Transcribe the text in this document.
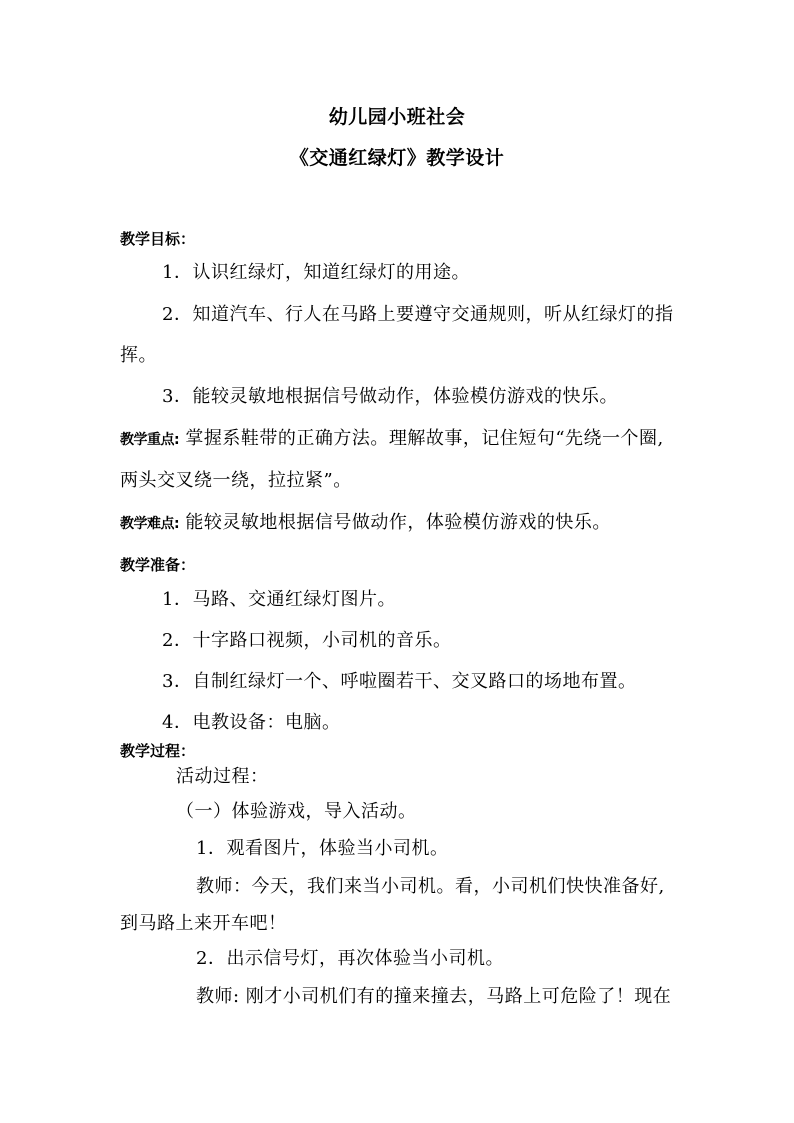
幼儿园小班社会
《交通红绿灯》教学设计
教学目标：
1．认识红绿灯，知道红绿灯的用途。
2．知道汽车、行人在马路上要遵守交通规则，听从红绿灯的指
挥。
3．能较灵敏地根据信号做动作，体验模仿游戏的快乐。
教学重点: 掌握系鞋带的正确方法。理解故事，记住短句“先绕一个圈,
两头交叉绕一绕，拉拉紧”。
教学难点: 能较灵敏地根据信号做动作，体验模仿游戏的快乐。
教学准备：
1．马路、交通红绿灯图片。
2．十字路口视频，小司机的音乐。
3．自制红绿灯一个、呼啦圈若干、交叉路口的场地布置。
4．电教设备：电脑。
教学过程：
活动过程：
（一）体验游戏，导入活动。
1．观看图片，体验当小司机。
教师：今天，我们来当小司机。看，小司机们快快准备好,
到马路上来开车吧！
2．出示信号灯，再次体验当小司机。
教师: 刚才小司机们有的撞来撞去，马路上可危险了！现在
